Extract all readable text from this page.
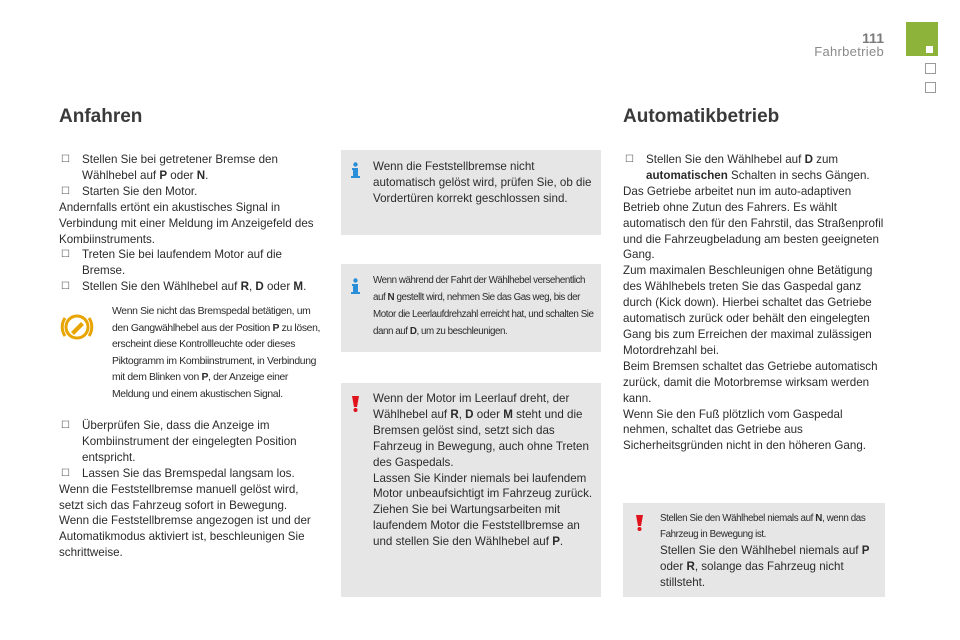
111
Fahrbetrieb
Anfahren
☐	Stellen Sie bei getretener Bremse den Wählhebel auf P oder N.
☐	Starten Sie den Motor.

Andernfalls ertönt ein akustisches Signal in Verbindung mit einer Meldung im Anzeigefeld des Kombiinstruments.

☐	Treten Sie bei laufendem Motor auf die Bremse.
☐	Stellen Sie den Wählhebel auf R, D oder M.
Wenn Sie nicht das Bremspedal betätigen, um den Gangwählhebel aus der Position P zu lösen, erscheint diese Kontrollleuchte oder dieses Piktogramm im Kombiinstrument, in Verbindung mit dem Blinken von P, der Anzeige einer Meldung und einem akustischen Signal.
☐	Überprüfen Sie, dass die Anzeige im Kombiinstrument der eingelegten Position entspricht.
☐	Lassen Sie das Bremspedal langsam los.

Wenn die Feststellbremse manuell gelöst wird, setzt sich das Fahrzeug sofort in Bewegung.

Wenn die Feststellbremse angezogen ist und der Automatikmodus aktiviert ist, beschleunigen Sie schrittweise.

Wenn die Feststellbremse nicht automatisch gelöst wird, prüfen Sie, ob die Vordertüren korrekt geschlossen sind.
Wenn während der Fahrt der Wählhebel versehentlich auf N gestellt wird, nehmen Sie das Gas weg, bis der Motor die Leerlaufdrehzahl erreicht hat, und schalten Sie dann auf D, um zu beschleunigen.

Wenn der Motor im Leerlauf dreht, der Wählhebel auf R, D oder M steht und die Bremsen gelöst sind, setzt sich das Fahrzeug in Bewegung, auch ohne Treten des Gaspedals.

Lassen Sie Kinder niemals bei laufendem Motor unbeaufsichtigt im Fahrzeug zurück.

Ziehen Sie bei Wartungsarbeiten mit laufendem Motor die Feststellbremse an und stellen Sie den Wählhebel auf P.

Automatikbetrieb
☐	Stellen Sie den Wählhebel auf D zum automatischen Schalten in sechs Gängen.

Das Getriebe arbeitet nun im auto-adaptiven Betrieb ohne Zutun des Fahrers. Es wählt automatisch den für den Fahrstil, das Straßenprofil und die Fahrzeugbeladung am besten geeigneten Gang.

Zum maximalen Beschleunigen ohne Betätigung des Wählhebels treten Sie das Gaspedal ganz durch (Kick down). Hierbei schaltet das Getriebe automatisch zurück oder behält den eingelegten Gang bis zum Erreichen der maximal zulässigen Motordrehzahl bei.

Beim Bremsen schaltet das Getriebe automatisch zurück, damit die Motorbremse wirksam werden kann.

Wenn Sie den Fuß plötzlich vom Gaspedal nehmen, schaltet das Getriebe aus Sicherheitsgründen nicht in den höheren Gang.

Stellen Sie den Wählhebel niemals auf N, wenn das Fahrzeug in Bewegung ist.
Stellen Sie den Wählhebel niemals auf P oder R, solange das Fahrzeug nicht stillsteht.
